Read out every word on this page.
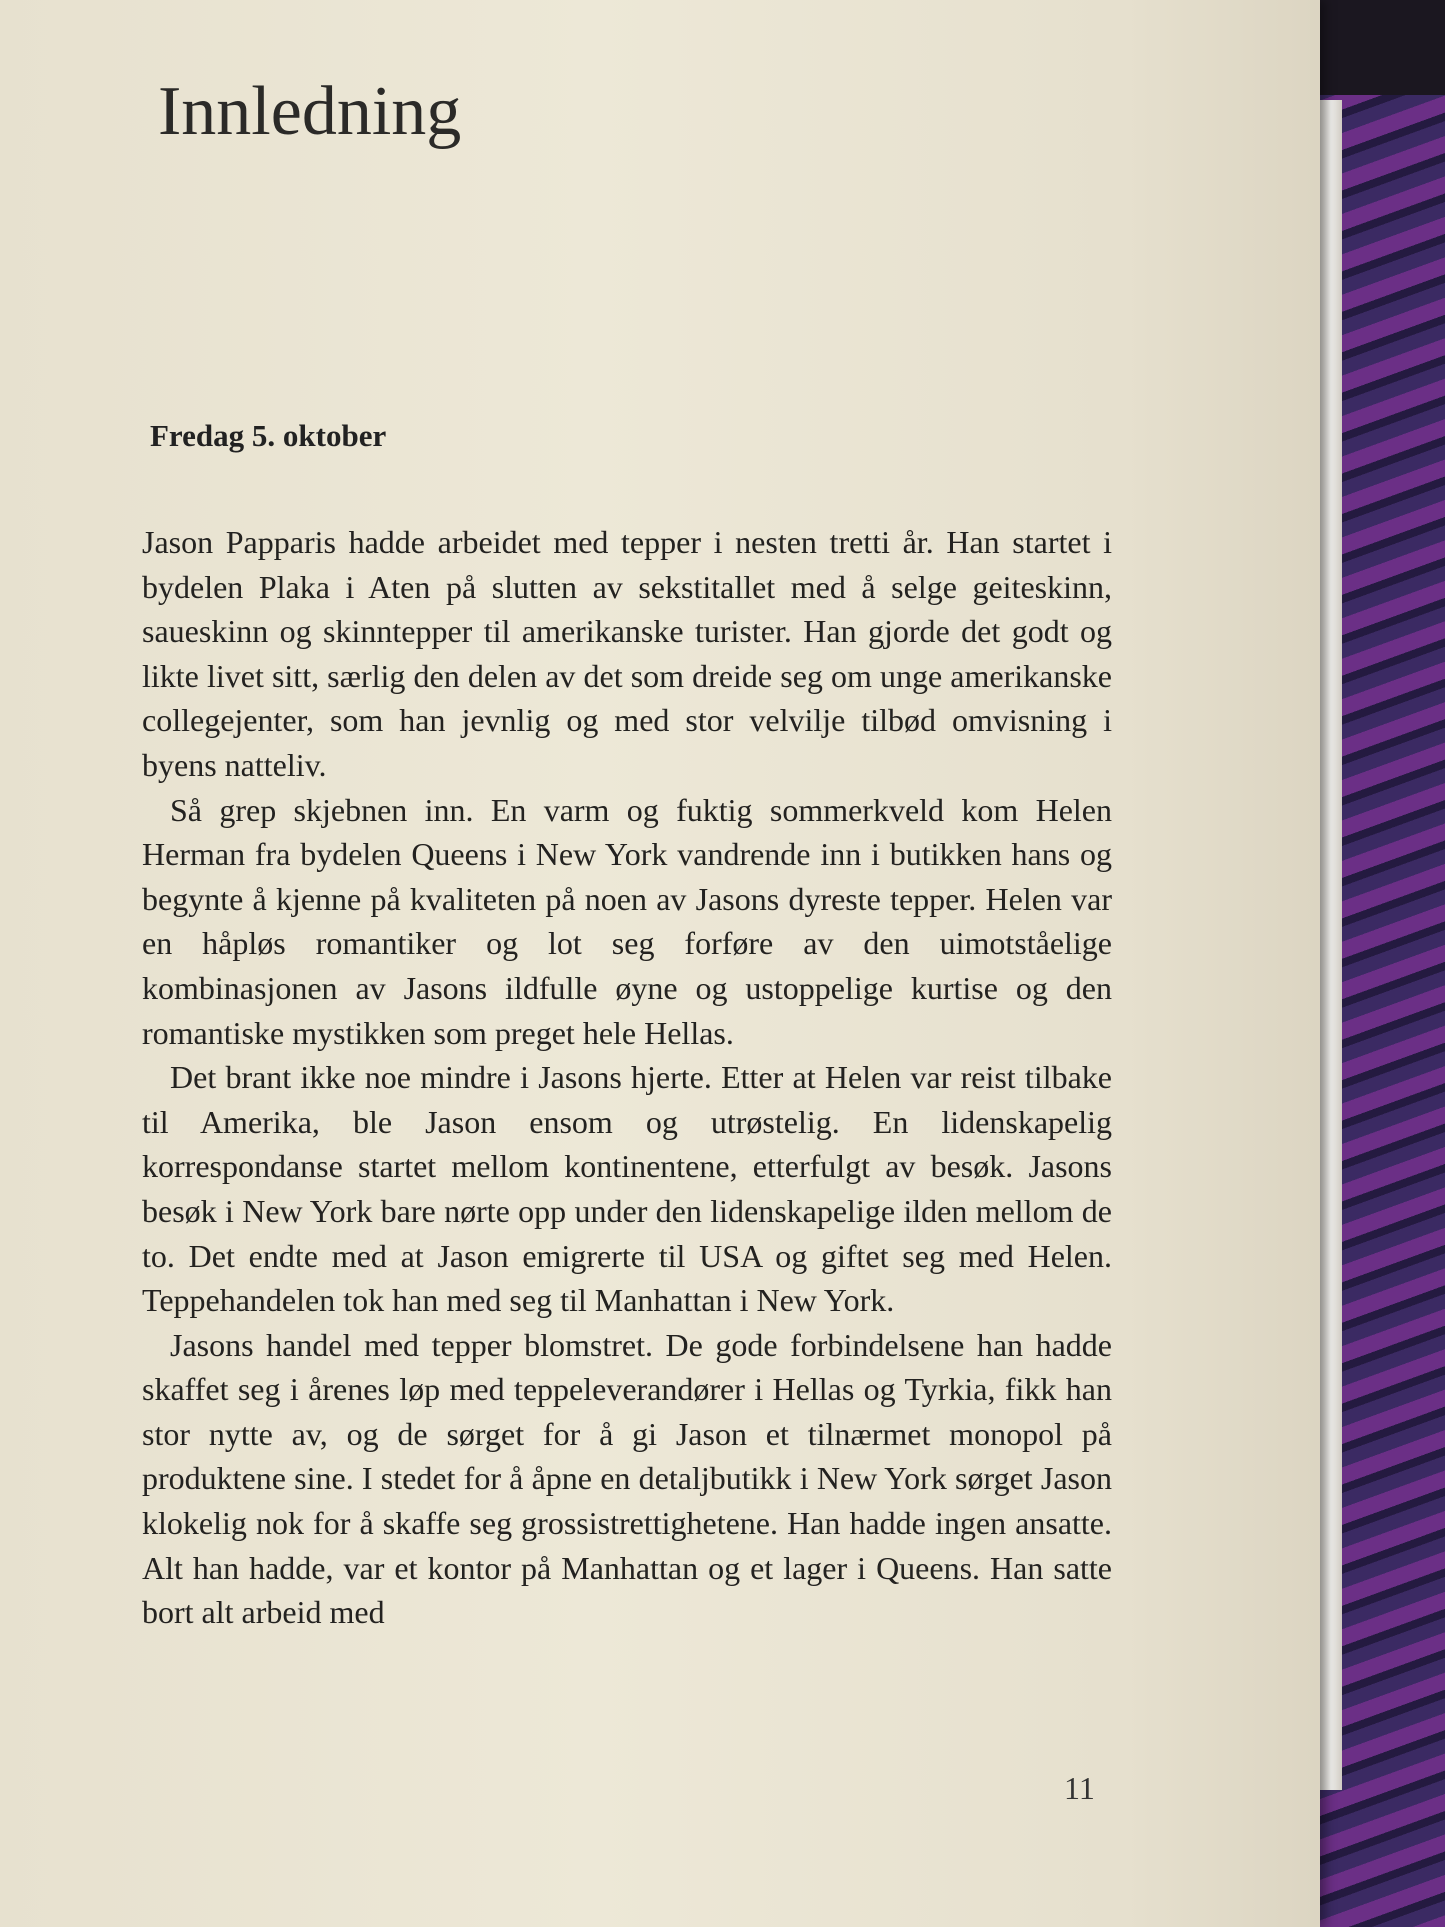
Innledning
Fredag 5. oktober

Jason Papparis hadde arbeidet med tepper i nesten tretti år. Han startet i bydelen Plaka i Aten på slutten av sekstitallet med å selge geiteskinn, saueskinn og skinntepper til amerikanske turister. Han gjorde det godt og likte livet sitt, særlig den delen av det som dreide seg om unge amerikanske collegejenter, som han jevnlig og med stor velvilje tilbød omvisning i byens natteliv.

Så grep skjebnen inn. En varm og fuktig sommerkveld kom Helen Herman fra bydelen Queens i New York vandrende inn i butikken hans og begynte å kjenne på kvaliteten på noen av Jasons dyreste tepper. Helen var en håpløs romantiker og lot seg forføre av den uimotståelige kombinasjonen av Jasons ildfulle øyne og ustoppelige kurtise og den romantiske mystikken som preget hele Hellas.

Det brant ikke noe mindre i Jasons hjerte. Etter at Helen var reist tilbake til Amerika, ble Jason ensom og utrøstelig. En lidenskapelig korrespondanse startet mellom kontinentene, etterfulgt av besøk. Jasons besøk i New York bare nørte opp under den lidenskapelige ilden mellom de to. Det endte med at Jason emigrerte til USA og giftet seg med Helen. Teppehandelen tok han med seg til Manhattan i New York.

Jasons handel med tepper blomstret. De gode forbindelsene han hadde skaffet seg i årenes løp med teppeleverandører i Hellas og Tyrkia, fikk han stor nytte av, og de sørget for å gi Jason et tilnærmet monopol på produktene sine. I stedet for å åpne en detaljbutikk i New York sørget Jason klokelig nok for å skaffe seg grossistrettighetene. Han hadde ingen ansatte. Alt han hadde, var et kontor på Manhattan og et lager i Queens. Han satte bort alt arbeid med

11
